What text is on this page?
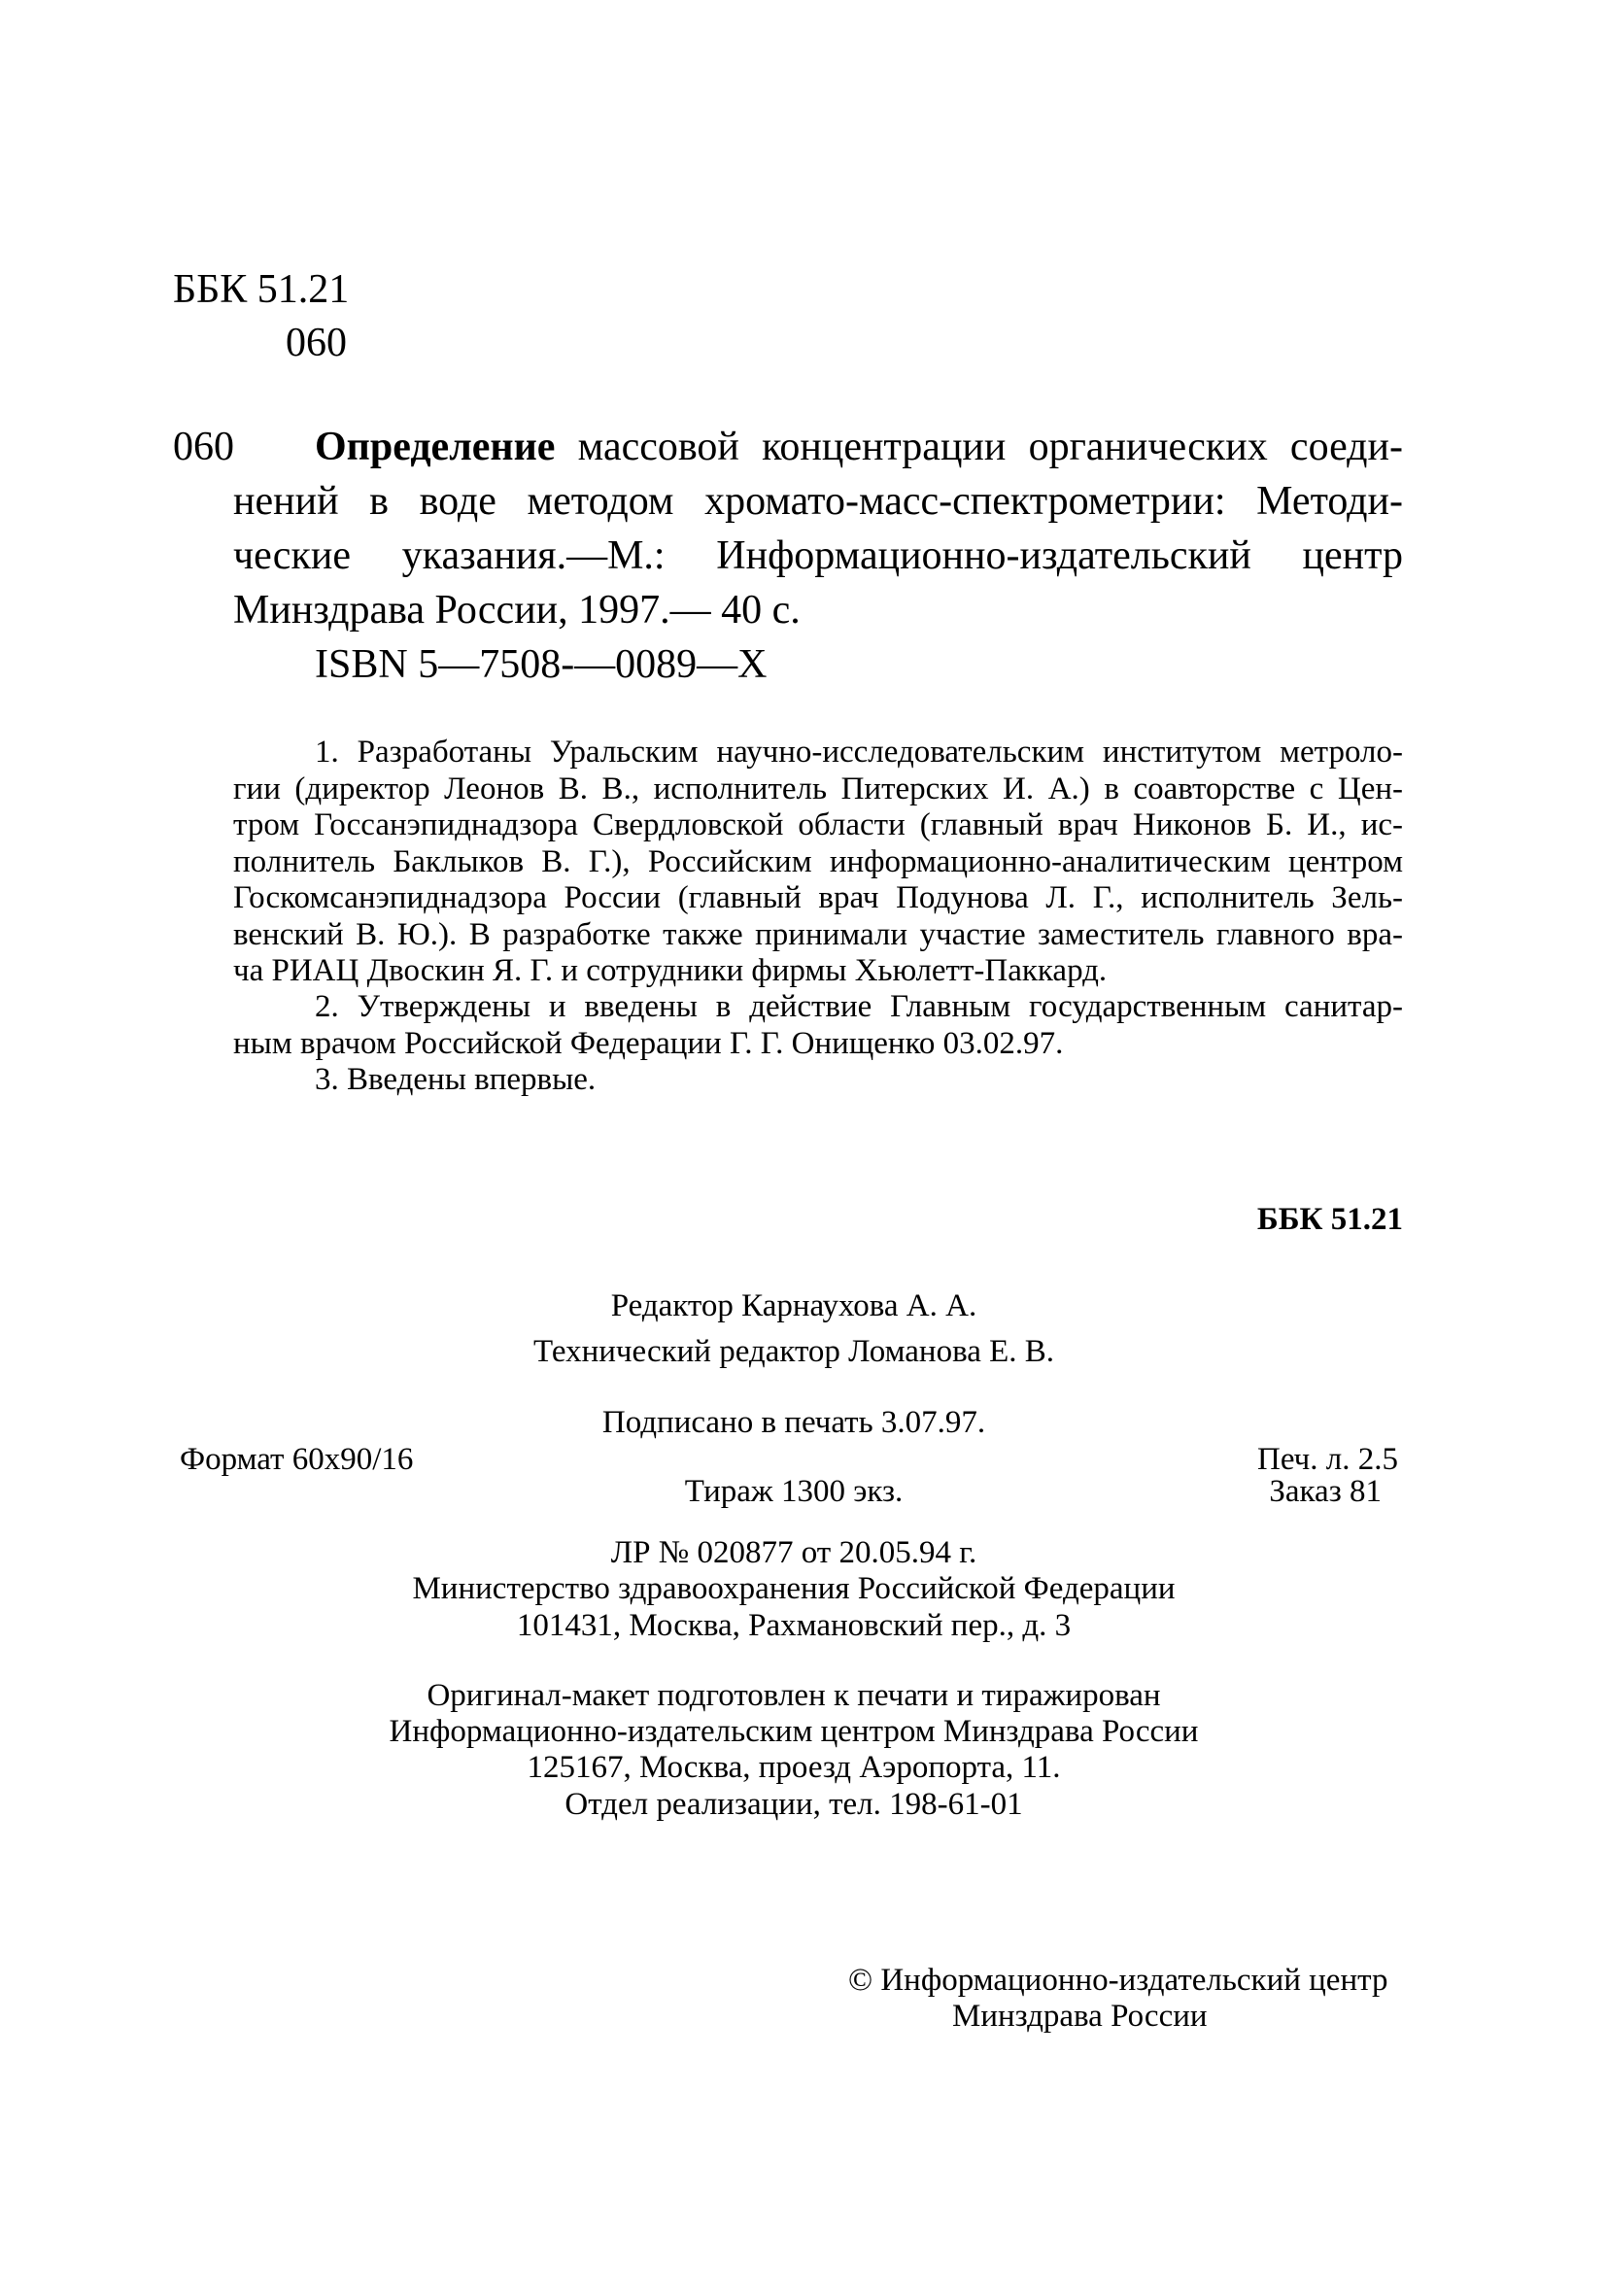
ББК 51.21
060
060	Определение массовой концентрации органических соеди-
нений в воде методом хромато-масс-спектрометрии: Методи-
ческие указания.—М.: Информационно-издательский центр
Минздрава России, 1997.— 40 с.
ISBN 5—7508-—0089—X
1. Разработаны Уральским научно-исследовательским институтом метроло-
гии (директор Леонов В. В., исполнитель Питерских И. А.) в соавторстве с Цен-
тром Госсанэпиднадзора Свердловской области (главный врач Никонов Б. И., ис-
полнитель Баклыков В. Г.), Российским информационно-аналитическим центром
Госкомсанэпиднадзора России (главный врач Подунова Л. Г., исполнитель Зель-
венский В. Ю.). В разработке также принимали участие заместитель главного вра-
ча РИАЦ Двоскин Я. Г. и сотрудники фирмы Хьюлетт-Паккард.
2. Утверждены и введены в действие Главным государственным санитар-
ным врачом Российской Федерации Г. Г. Онищенко 03.02.97.
3. Введены впервые.
ББК 51.21
Редактор Карнаухова А. А.
Технический редактор Ломанова Е. В.
Подписано в печать 3.07.97.
Формат 60x90/16	Печ. л. 2.5
Тираж 1300 экз.	Заказ 81
ЛР № 020877 от 20.05.94 г.
Министерство здравоохранения Российской Федерации
101431, Москва, Рахмановский пер., д. 3
Оригинал-макет подготовлен к печати и тиражирован
Информационно-издательским центром Минздрава России
125167, Москва, проезд Аэропорта, 11.
Отдел реализации, тел. 198-61-01
© Информационно-издательский центр
Минздрава России
